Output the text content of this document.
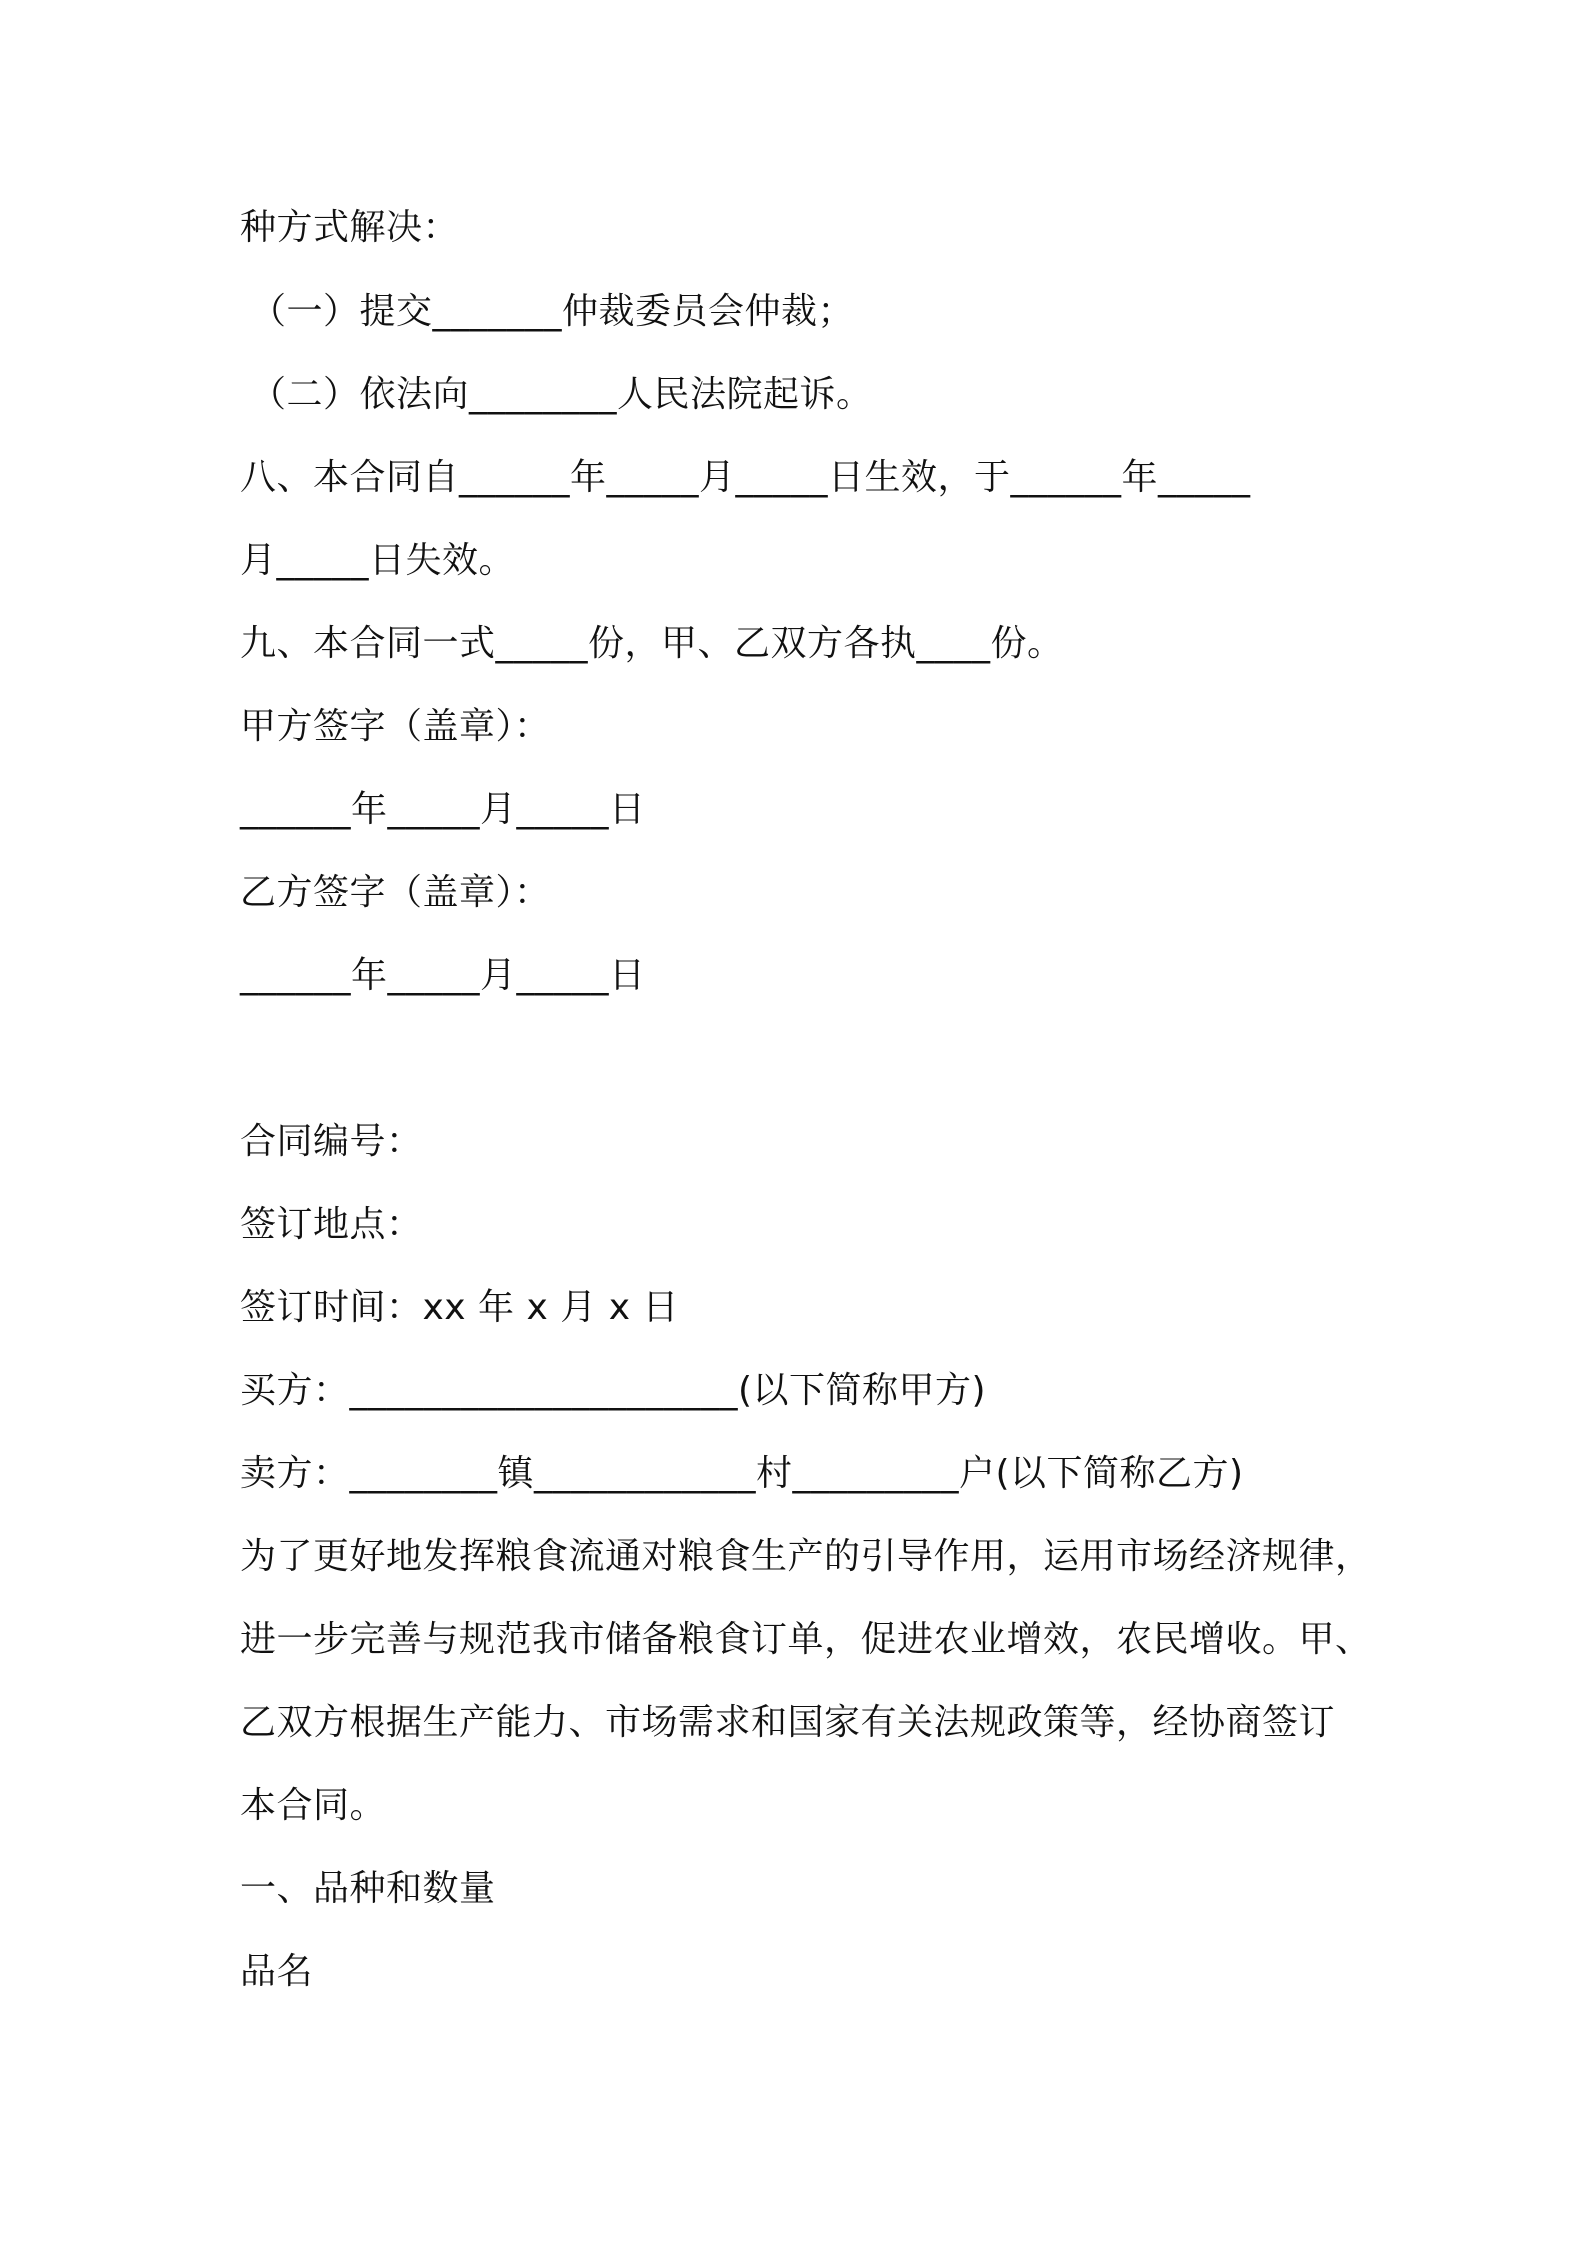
种方式解决：
（一）提交_______仲裁委员会仲裁；
（二）依法向________人民法院起诉。
八、本合同自______年_____月_____日生效，于______年_____
月_____日失效。
九、本合同一式_____份，甲、乙双方各执____份。
甲方签字（盖章）：
______年_____月_____日
乙方签字（盖章）：
______年_____月_____日
合同编号：
签订地点：
签订时间：xx 年 x 月 x 日
买方：_____________________(以下简称甲方)
卖方：________镇____________村_________户(以下简称乙方)
为了更好地发挥粮食流通对粮食生产的引导作用，运用市场经济规律，
进一步完善与规范我市储备粮食订单，促进农业增效，农民增收。甲、
乙双方根据生产能力、市场需求和国家有关法规政策等，经协商签订
本合同。
一、品种和数量
品名
